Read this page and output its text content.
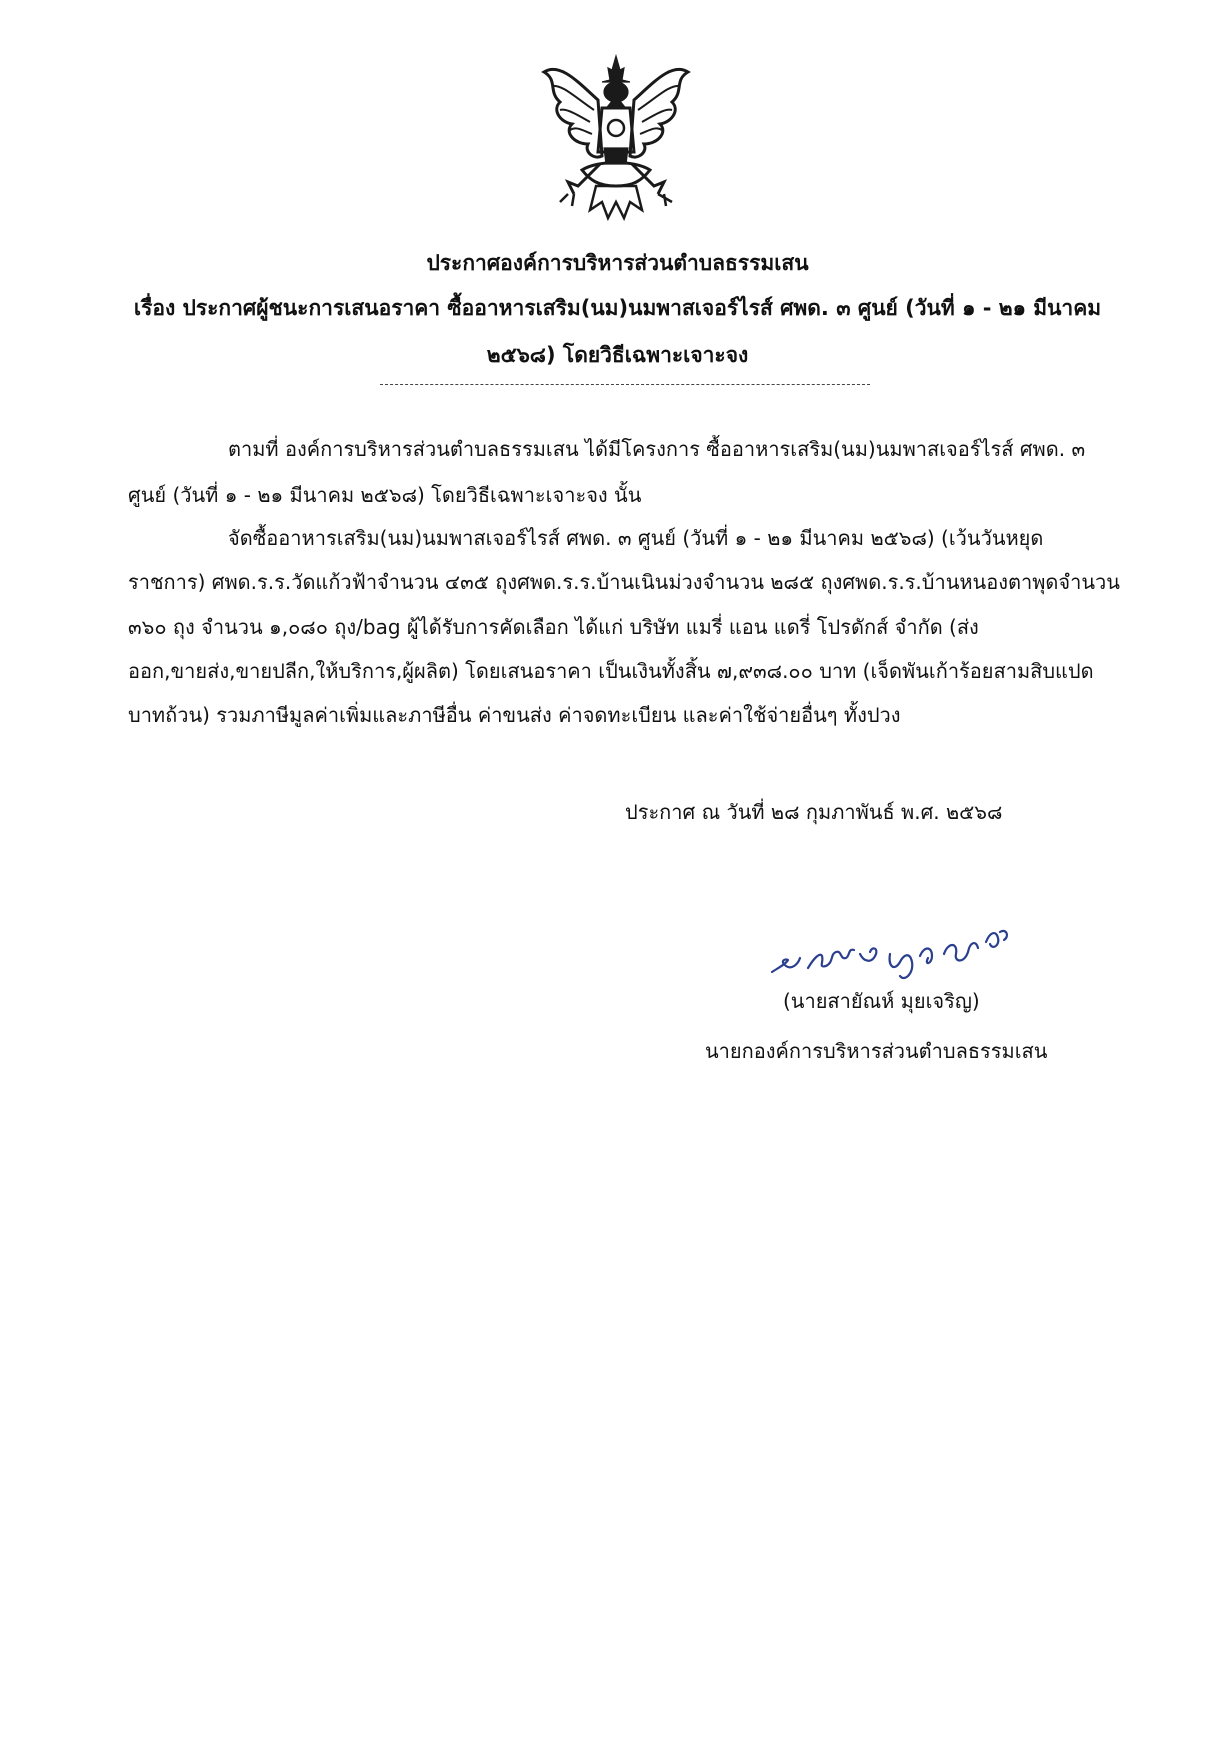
ประกาศองค์การบริหารส่วนตำบลธรรมเสน
เรื่อง ประกาศผู้ชนะการเสนอราคา ซื้ออาหารเสริม(นม)นมพาสเจอร์ไรส์ ศพด. ๓ ศูนย์ (วันที่ ๑ - ๒๑ มีนาคม
๒๕๖๘) โดยวิธีเฉพาะเจาะจง
ตามที่ องค์การบริหารส่วนตำบลธรรมเสน ได้มีโครงการ ซื้ออาหารเสริม(นม)นมพาสเจอร์ไรส์ ศพด. ๓
ศูนย์ (วันที่ ๑ - ๒๑ มีนาคม ๒๕๖๘) โดยวิธีเฉพาะเจาะจง นั้น
จัดซื้ออาหารเสริม(นม)นมพาสเจอร์ไรส์ ศพด. ๓ ศูนย์ (วันที่ ๑ - ๒๑ มีนาคม ๒๕๖๘) (เว้นวันหยุด
ราชการ) ศพด.ร.ร.วัดแก้วฟ้าจำนวน ๔๓๕ ถุงศพด.ร.ร.บ้านเนินม่วงจำนวน ๒๘๕ ถุงศพด.ร.ร.บ้านหนองตาพุดจำนวน
๓๖๐ ถุง จำนวน ๑,๐๘๐ ถุง/bag ผู้ได้รับการคัดเลือก ได้แก่ บริษัท แมรี่ แอน แดรี่ โปรดักส์ จำกัด (ส่ง
ออก,ขายส่ง,ขายปลีก,ให้บริการ,ผู้ผลิต) โดยเสนอราคา เป็นเงินทั้งสิ้น ๗,๙๓๘.๐๐ บาท (เจ็ดพันเก้าร้อยสามสิบแปด
บาทถ้วน) รวมภาษีมูลค่าเพิ่มและภาษีอื่น ค่าขนส่ง ค่าจดทะเบียน และค่าใช้จ่ายอื่นๆ ทั้งปวง
ประกาศ ณ วันที่ ๒๘ กุมภาพันธ์ พ.ศ. ๒๕๖๘
(นายสายัณห์ มุยเจริญ)
นายกองค์การบริหารส่วนตำบลธรรมเสน
